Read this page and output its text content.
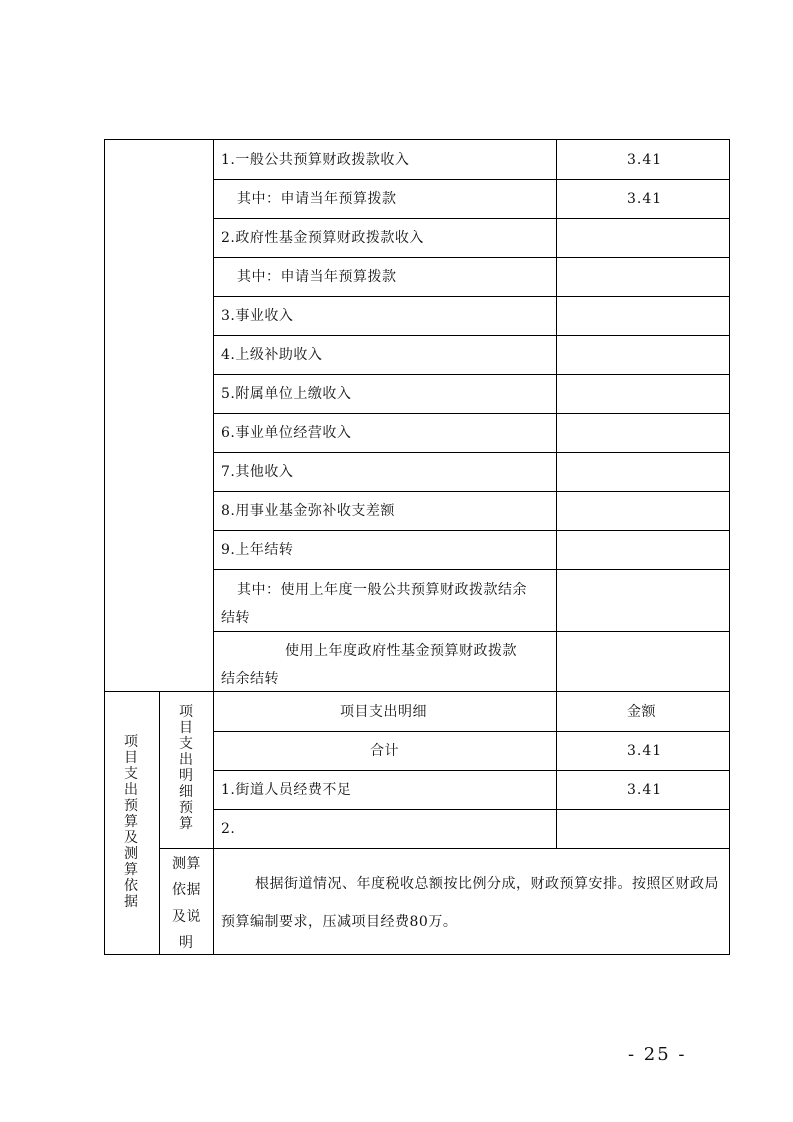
1.一般公共预算财政拨款收入	3.41
其中：申请当年预算拨款	3.41
2.政府性基金预算财政拨款收入
其中：申请当年预算拨款
3.事业收入
4.上级补助收入
5.附属单位上缴收入
6.事业单位经营收入
7.其他收入
8.用事业基金弥补收支差额
9.上年结转
其中：使用上年度一般公共预算财政拨款结余
结转
使用上年度政府性基金预算财政拨款
结余结转
项目支出预算及测算依据
项目支出明细预算
项目支出明细	金额
合计	3.41
1.街道人员经费不足	3.41
2.
测算
依据
及说
明
根据街道情况、年度税收总额按比例分成，财政预算安排。按照区财政局预算编制要求，压减项目经费80万。
- 25 -
